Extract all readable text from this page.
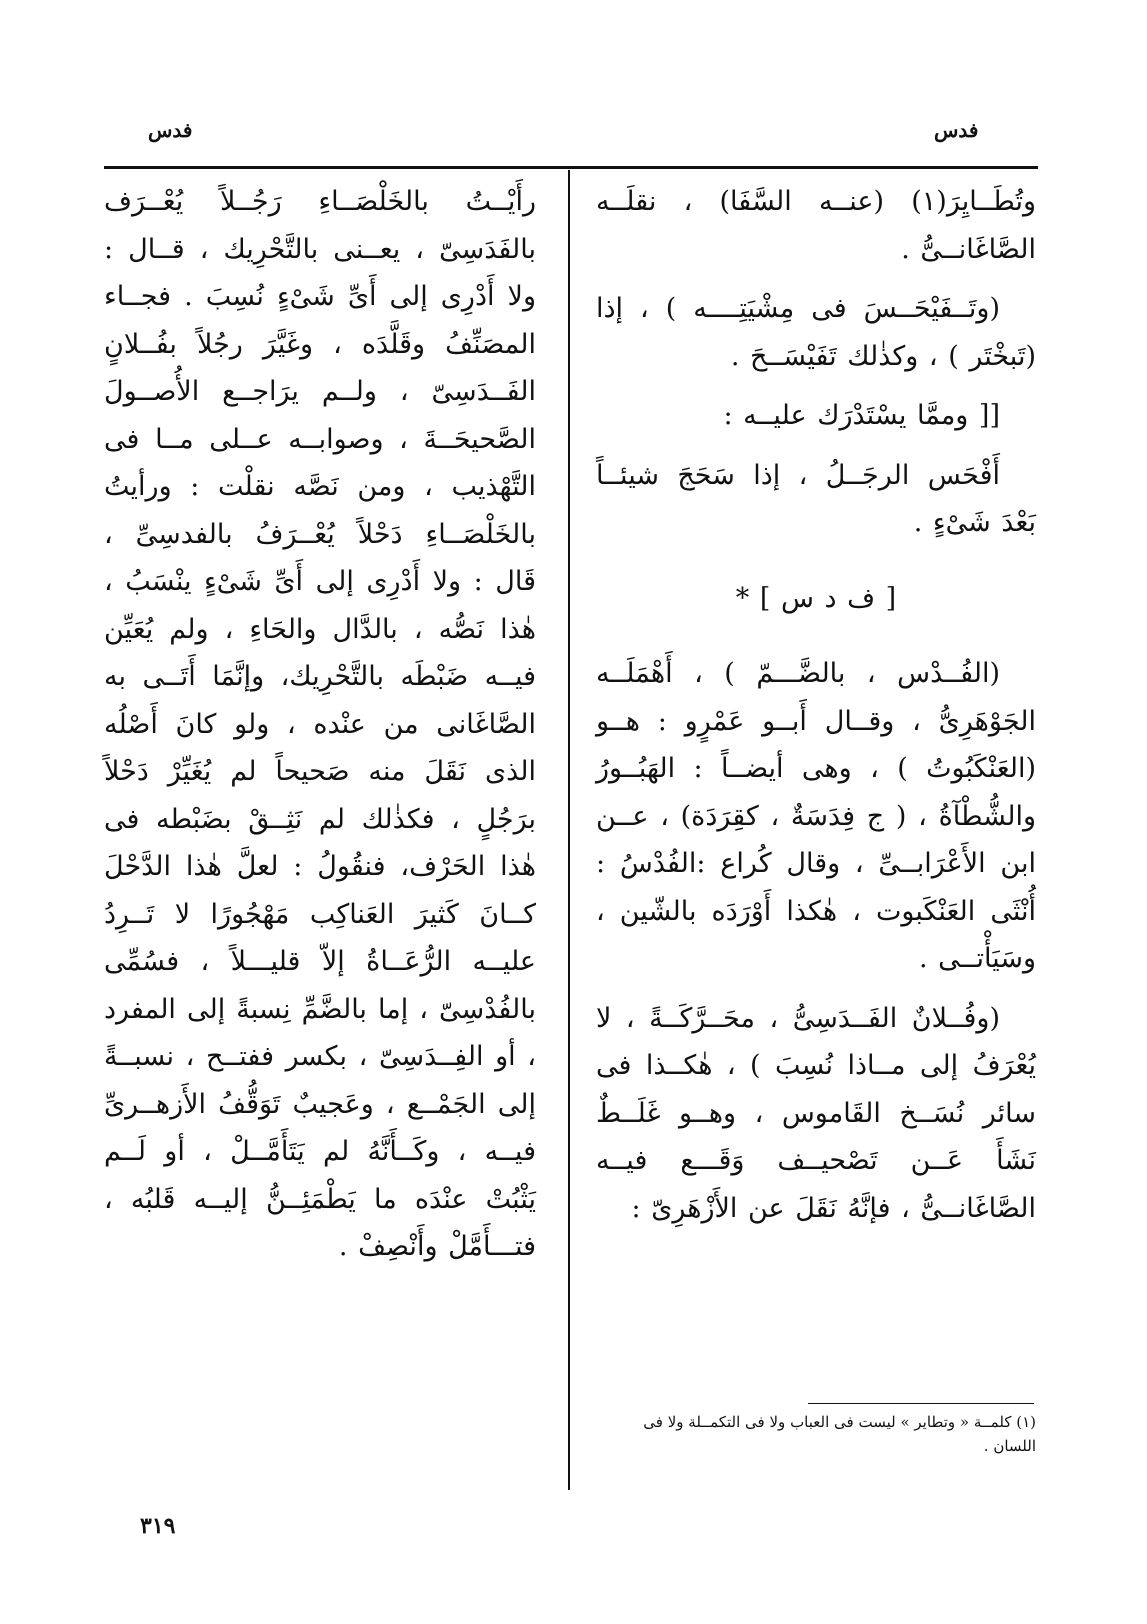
فدس
فدس

وتُطَــايِرَ(١) (عنــه السَّفَا) ، نقلَــه الصَّاغَانــىُّ .

(وتَــفَيْحَــسَ فى مِشْيَتِــــه ) ، إذا (تَبخْتَر ) ، وكذٰلك تَفَيْسَــحَ .

[[ وممَّا يسْتَدْرَك عليــه :

أَفْحَس الرجَــلُ ، إذا سَحَجَ شيئــاً بَعْدَ شَىْءٍ .

[ ف د س ] *

(الفُــدْس ، بالضَّـــمّ ) ، أَهْمَلَــه الجَوْهَرِىُّ ، وقــال أَبــو عَمْرٍو : هــو (العَنْكَبُوتُ ) ، وهى أيضــاً : الهَبُــورُ والشُّطْآةُ ، ( ج فِدَسَةٌ ، كقِرَدَة) ، عــن ابن الأَعْرَابــىِّ ، وقال كُراع :الفُدْسُ : أُنْثَى العَنْكَبوت ، هٰكذا أَوْرَدَه بالشّين ، وسَيَأْتــى .

(وفُــلانٌ الفَــدَسِىُّ ، محَــرَّكَــةً ، لا يُعْرَفُ إلى مــاذا نُسِبَ ) ، هٰكــذا فى سائر نُسَــخ القَاموس ، وهــو غَلَــطٌ نَشَأَ عَــن تَصْحيــف وَقَـــع فيــه الصَّاغَانــىُّ ، فإنَّهُ نَقَلَ عن الأَزْهَرِىّ :

رأَيْــتُ بالخَلْصَــاءِ رَجُــلاً يُعْــرَف بالفَدَسِىّ ، يعــنى بالتَّحْرِيك ، قــال : ولا أَدْرِى إلى أَىِّ شَىْءٍ نُسِبَ . فجــاء المصَنِّفُ وقَلَّدَه ، وغَيَّرَ رجُلاً بفُــلانٍ الفَــدَسِىّ ، ولــم يرَاجــع الأُصــولَ الصَّحيحَــةَ ، وصوابــه عــلى مــا فى التَّهْذيب ، ومن نَصَّه نقلْت : ورأيتُ بالخَلْصَــاءِ دَحْلاً يُعْــرَفُ بالفدسِىِّ ، قَال : ولا أَدْرِى إلى أَىِّ شَىْءٍ ينْسَبُ ، هٰذا نَصُّه ، بالدَّال والحَاءِ ، ولم يُعَيِّن فيــه ضَبْطَه بالتَّحْرِيك، وإنَّمَا أَتَــى به الصَّاغَانى من عنْده ، ولو كانَ أَصْلُه الذى نَقَلَ منه صَحيحاً لم يُغَيِّرْ دَحْلاً برَجُلٍ ، فكذٰلك لم نَثِــقْ بضَبْطه فى هٰذا الحَرْف، فنقُولُ : لعلَّ هٰذا الدَّحْلَ كــانَ كَثيرَ العَناكِب مَهْجُورًا لا تَــرِدُ عليــه الرُّعَــاةُ إلاّ قليـــلاً ، فسُمِّى بالفُدْسِىّ ، إما بالضَّمِّ نِسبةً إلى المفرد ، أو الفِــدَسِىّ ، بكسر ففتــح ، نسبــةً إلى الجَمْــع ، وعَجيبٌ تَوَقُّفُ الأَزهــرىِّ فيــه ، وكَــأَنَّهُ لم يَتَأَمَّــلْ ، أو لَــم يَثْبُتْ عنْدَه ما يَطْمَئِــنُّ إليــه قَلبُه ، فتـــأَمَّلْ وأَنْصِفْ .

(١) كلمــة « وتطاير » ليست فى العباب ولا فى التكمــلة ولا فى اللسان .
٣١٩
